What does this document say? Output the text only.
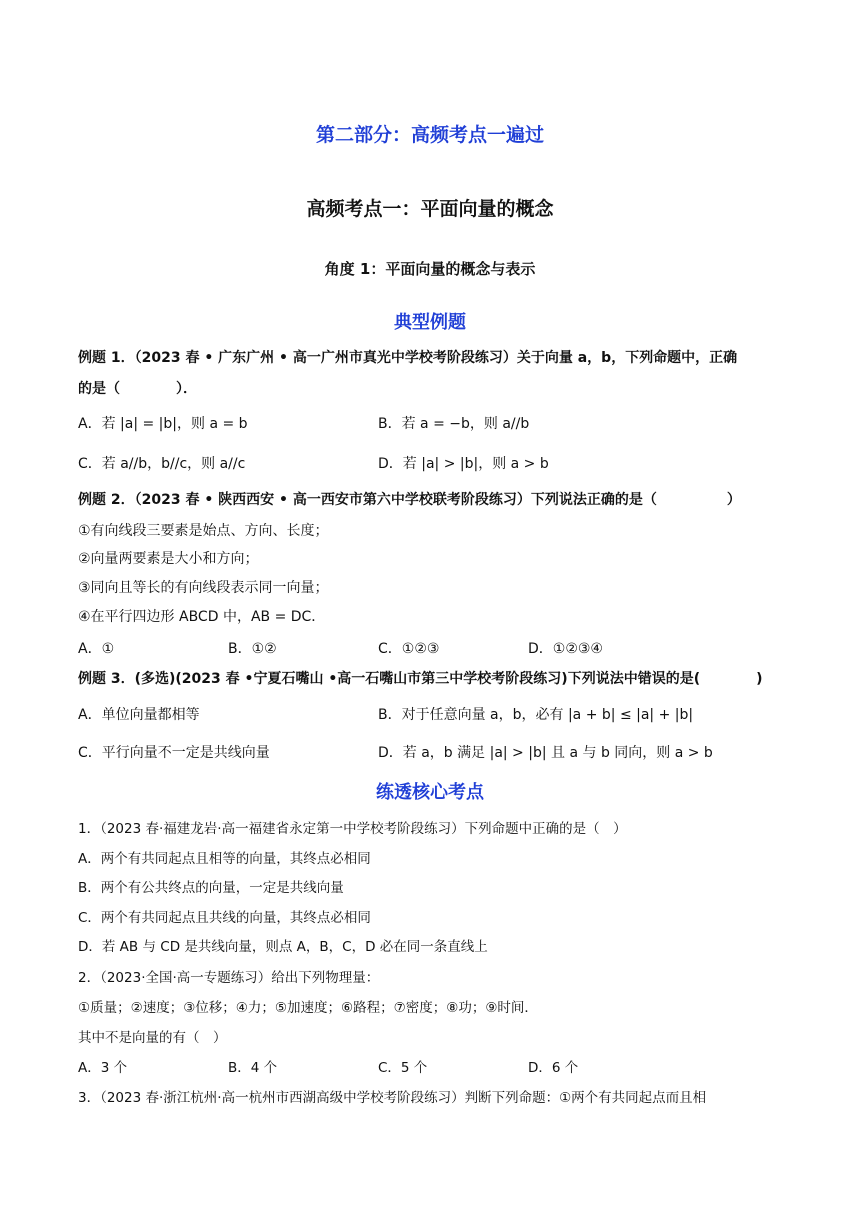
第二部分：高频考点一遍过
高频考点一：平面向量的概念
角度 1：平面向量的概念与表示
典型例题
例题 1．（2023 春 • 广东广州 • 高一广州市真光中学校考阶段练习）关于向量 a，b，下列命题中，正确
的是（　　　　）．
A．若 |a| = |b|，则 a = b	B．若 a = −b，则 a//b
C．若 a//b，b//c，则 a//c	D．若 |a| > |b|，则 a > b
例题 2．（2023 春 • 陕西西安 • 高一西安市第六中学校联考阶段练习）下列说法正确的是（　　　　　）
①有向线段三要素是始点、方向、长度；
②向量两要素是大小和方向；
③同向且等长的有向线段表示同一向量；
④在平行四边形 ABCD 中，AB = DC．
A．①	B．①②	C．①②③	D．①②③④
例题 3．(多选)(2023 春 •宁夏石嘴山 •高一石嘴山市第三中学校考阶段练习)下列说法中错误的是(　　　　)
A．单位向量都相等	B．对于任意向量 a，b，必有 |a + b| ≤ |a| + |b|
C．平行向量不一定是共线向量	D．若 a，b 满足 |a| > |b| 且 a 与 b 同向，则 a > b
练透核心考点
1．（2023 春·福建龙岩·高一福建省永定第一中学校考阶段练习）下列命题中正确的是（　）
A．两个有共同起点且相等的向量，其终点必相同
B．两个有公共终点的向量，一定是共线向量
C．两个有共同起点且共线的向量，其终点必相同
D．若 AB 与 CD 是共线向量，则点 A，B，C，D 必在同一条直线上
2．（2023·全国·高一专题练习）给出下列物理量：
①质量；②速度；③位移；④力；⑤加速度；⑥路程；⑦密度；⑧功；⑨时间．
其中不是向量的有（　）
A．3 个	B．4 个	C．5 个	D．6 个
3．（2023 春·浙江杭州·高一杭州市西湖高级中学校考阶段练习）判断下列命题：①两个有共同起点而且相
